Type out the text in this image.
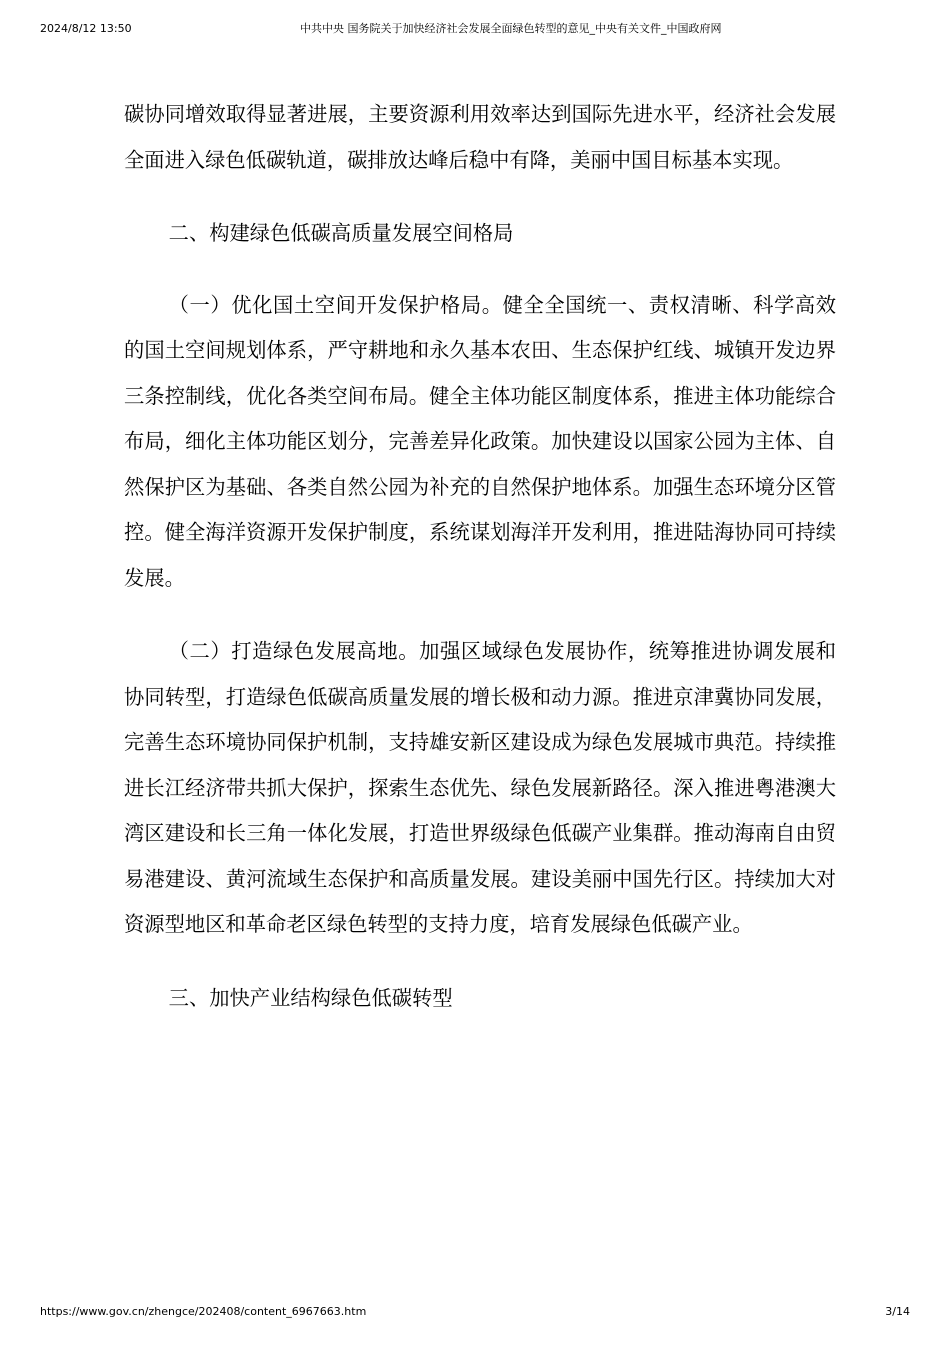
2024/8/12 13:50	中共中央 国务院关于加快经济社会发展全面绿色转型的意见_中央有关文件_中国政府网

碳协同增效取得显著进展，主要资源利用效率达到国际先进水平，经济社会发展全面进入绿色低碳轨道，碳排放达峰后稳中有降，美丽中国目标基本实现。

二、构建绿色低碳高质量发展空间格局

（一）优化国土空间开发保护格局。健全全国统一、责权清晰、科学高效的国土空间规划体系，严守耕地和永久基本农田、生态保护红线、城镇开发边界三条控制线，优化各类空间布局。健全主体功能区制度体系，推进主体功能综合布局，细化主体功能区划分，完善差异化政策。加快建设以国家公园为主体、自然保护区为基础、各类自然公园为补充的自然保护地体系。加强生态环境分区管控。健全海洋资源开发保护制度，系统谋划海洋开发利用，推进陆海协同可持续发展。

（二）打造绿色发展高地。加强区域绿色发展协作，统筹推进协调发展和协同转型，打造绿色低碳高质量发展的增长极和动力源。推进京津冀协同发展，完善生态环境协同保护机制，支持雄安新区建设成为绿色发展城市典范。持续推进长江经济带共抓大保护，探索生态优先、绿色发展新路径。深入推进粤港澳大湾区建设和长三角一体化发展，打造世界级绿色低碳产业集群。推动海南自由贸易港建设、黄河流域生态保护和高质量发展。建设美丽中国先行区。持续加大对资源型地区和革命老区绿色转型的支持力度，培育发展绿色低碳产业。

三、加快产业结构绿色低碳转型

https://www.gov.cn/zhengce/202408/content_6967663.htm	3/14
